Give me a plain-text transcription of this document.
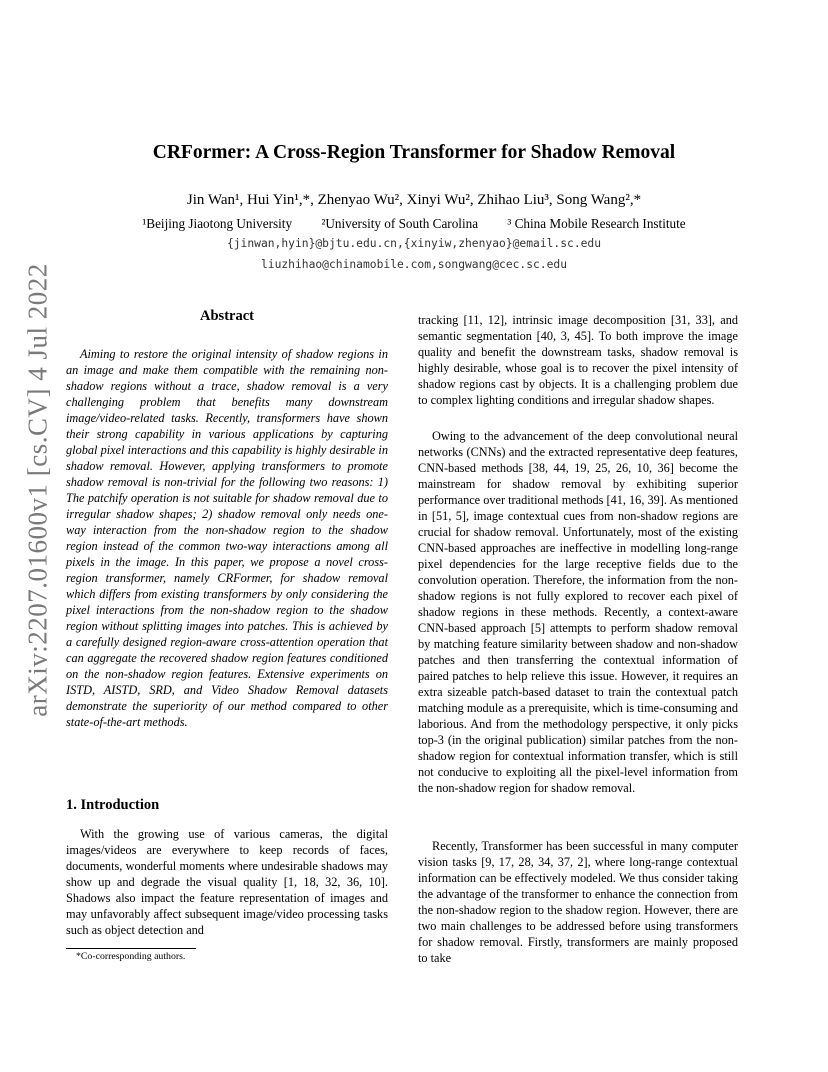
arXiv:2207.01600v1 [cs.CV] 4 Jul 2022
CRFormer: A Cross-Region Transformer for Shadow Removal
Jin Wan¹, Hui Yin¹,*, Zhenyao Wu², Xinyi Wu², Zhihao Liu³, Song Wang²,*
¹Beijing Jiaotong University ²University of South Carolina ³ China Mobile Research Institute
{jinwan,hyin}@bjtu.edu.cn,{xinyiw,zhenyao}@email.sc.edu
liuzhihao@chinamobile.com,songwang@cec.sc.edu
Abstract
Aiming to restore the original intensity of shadow regions in an image and make them compatible with the remaining non-shadow regions without a trace, shadow removal is a very challenging problem that benefits many downstream image/video-related tasks. Recently, transformers have shown their strong capability in various applications by capturing global pixel interactions and this capability is highly desirable in shadow removal. However, applying transformers to promote shadow removal is non-trivial for the following two reasons: 1) The patchify operation is not suitable for shadow removal due to irregular shadow shapes; 2) shadow removal only needs one-way interaction from the non-shadow region to the shadow region instead of the common two-way interactions among all pixels in the image. In this paper, we propose a novel cross-region transformer, namely CRFormer, for shadow removal which differs from existing transformers by only considering the pixel interactions from the non-shadow region to the shadow region without splitting images into patches. This is achieved by a carefully designed region-aware cross-attention operation that can aggregate the recovered shadow region features conditioned on the non-shadow region features. Extensive experiments on ISTD, AISTD, SRD, and Video Shadow Removal datasets demonstrate the superiority of our method compared to other state-of-the-art methods.
1. Introduction
With the growing use of various cameras, the digital images/videos are everywhere to keep records of faces, documents, wonderful moments where undesirable shadows may show up and degrade the visual quality [1, 18, 32, 36, 10]. Shadows also impact the feature representation of images and may unfavorably affect subsequent image/video processing tasks such as object detection and
*Co-corresponding authors.
tracking [11, 12], intrinsic image decomposition [31, 33], and semantic segmentation [40, 3, 45]. To both improve the image quality and benefit the downstream tasks, shadow removal is highly desirable, whose goal is to recover the pixel intensity of shadow regions cast by objects. It is a challenging problem due to complex lighting conditions and irregular shadow shapes.
Owing to the advancement of the deep convolutional neural networks (CNNs) and the extracted representative deep features, CNN-based methods [38, 44, 19, 25, 26, 10, 36] become the mainstream for shadow removal by exhibiting superior performance over traditional methods [41, 16, 39]. As mentioned in [51, 5], image contextual cues from non-shadow regions are crucial for shadow removal. Unfortunately, most of the existing CNN-based approaches are ineffective in modelling long-range pixel dependencies for the large receptive fields due to the convolution operation. Therefore, the information from the non-shadow regions is not fully explored to recover each pixel of shadow regions in these methods. Recently, a context-aware CNN-based approach [5] attempts to perform shadow removal by matching feature similarity between shadow and non-shadow patches and then transferring the contextual information of paired patches to help relieve this issue. However, it requires an extra sizeable patch-based dataset to train the contextual patch matching module as a prerequisite, which is time-consuming and laborious. And from the methodology perspective, it only picks top-3 (in the original publication) similar patches from the non-shadow region for contextual information transfer, which is still not conducive to exploiting all the pixel-level information from the non-shadow region for shadow removal.
Recently, Transformer has been successful in many computer vision tasks [9, 17, 28, 34, 37, 2], where long-range contextual information can be effectively modeled. We thus consider taking the advantage of the transformer to enhance the connection from the non-shadow region to the shadow region. However, there are two main challenges to be addressed before using transformers for shadow removal. Firstly, transformers are mainly proposed to take
